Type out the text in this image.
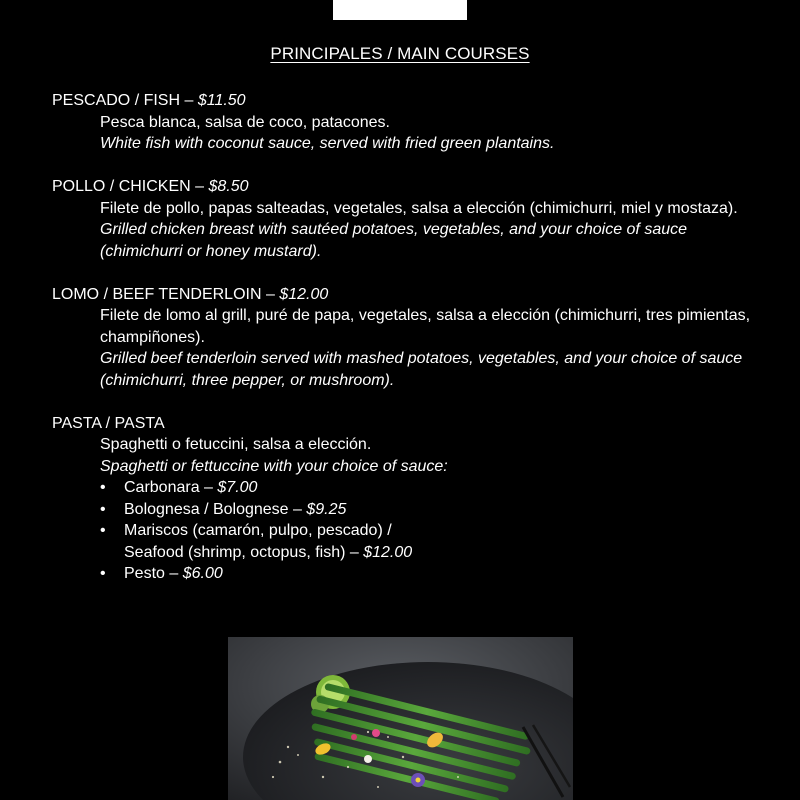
PRINCIPALES / MAIN COURSES
PESCADO / FISH – $11.50
Pesca blanca, salsa de coco, patacones.
White fish with coconut sauce, served with fried green plantains.
POLLO / CHICKEN – $8.50
Filete de pollo, papas salteadas, vegetales, salsa a elección (chimichurri, miel y mostaza).
Grilled chicken breast with sautéed potatoes, vegetables, and your choice of sauce (chimichurri or honey mustard).
LOMO / BEEF TENDERLOIN – $12.00
Filete de lomo al grill, puré de papa, vegetales, salsa a elección (chimichurri, tres pimientas, champiñones).
Grilled beef tenderloin served with mashed potatoes, vegetables, and your choice of sauce (chimichurri, three pepper, or mushroom).
PASTA / PASTA
Spaghetti o fetuccini, salsa a elección.
Spaghetti or fettuccine with your choice of sauce:
•	Carbonara – $7.00
•	Bolognesa / Bolognese – $9.25
•	Mariscos (camarón, pulpo, pescado) /
Seafood (shrimp, octopus, fish) – $12.00
•	Pesto – $6.00
